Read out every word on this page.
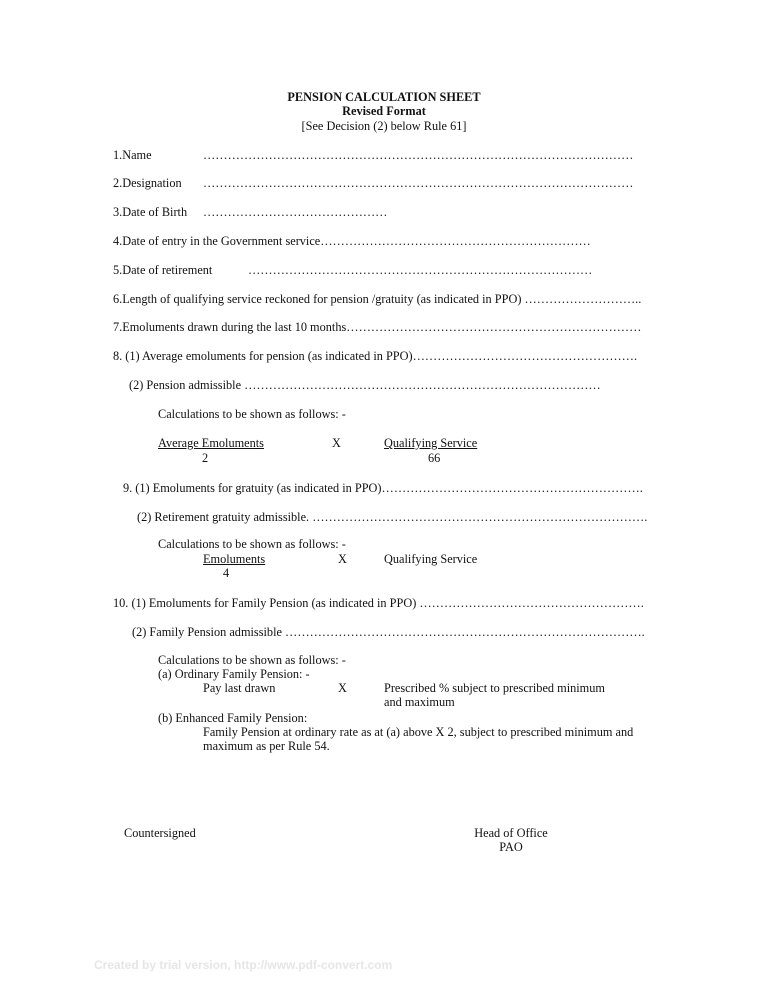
PENSION CALCULATION SHEET
Revised Format
[See Decision (2) below Rule 61]
1.Name	……………………………………………………………………………………………
2.Designation ……………………………………………………………………………………………
3.Date of Birth ………………………………………
4.Date of entry in the Government service…………………………………………………………
5.Date of retirement	…………………………………………………………………………
6.Length of qualifying service reckoned for pension /gratuity (as indicated in PPO) ………………………..
7.Emoluments drawn during the last 10 months………………………………………………………………
8. (1) Average emoluments for pension (as indicated in PPO)……………………………………………….
(2) Pension admissible ……………………………………………………………………………
Calculations to be shown as follows: -
Average Emoluments	X	Qualifying Service
2	66
9. (1) Emoluments for gratuity (as indicated in PPO)……………………………………………………….
(2) Retirement gratuity admissible. ……………………………………………………………………….
Calculations to be shown as follows: -
Emoluments	X	Qualifying Service
4
10. (1) Emoluments for Family Pension (as indicated in PPO) ……………………………………………….
(2) Family Pension admissible …………………………………………………………………………….
Calculations to be shown as follows: -
(a) Ordinary Family Pension: -
Pay last drawn	X	Prescribed % subject to prescribed minimum
and maximum
(b) Enhanced Family Pension:
Family Pension at ordinary rate as at (a) above X 2, subject to prescribed minimum and
maximum as per Rule 54.
Countersigned	Head of Office
PAO
Created by trial version, http://www.pdf-convert.com
